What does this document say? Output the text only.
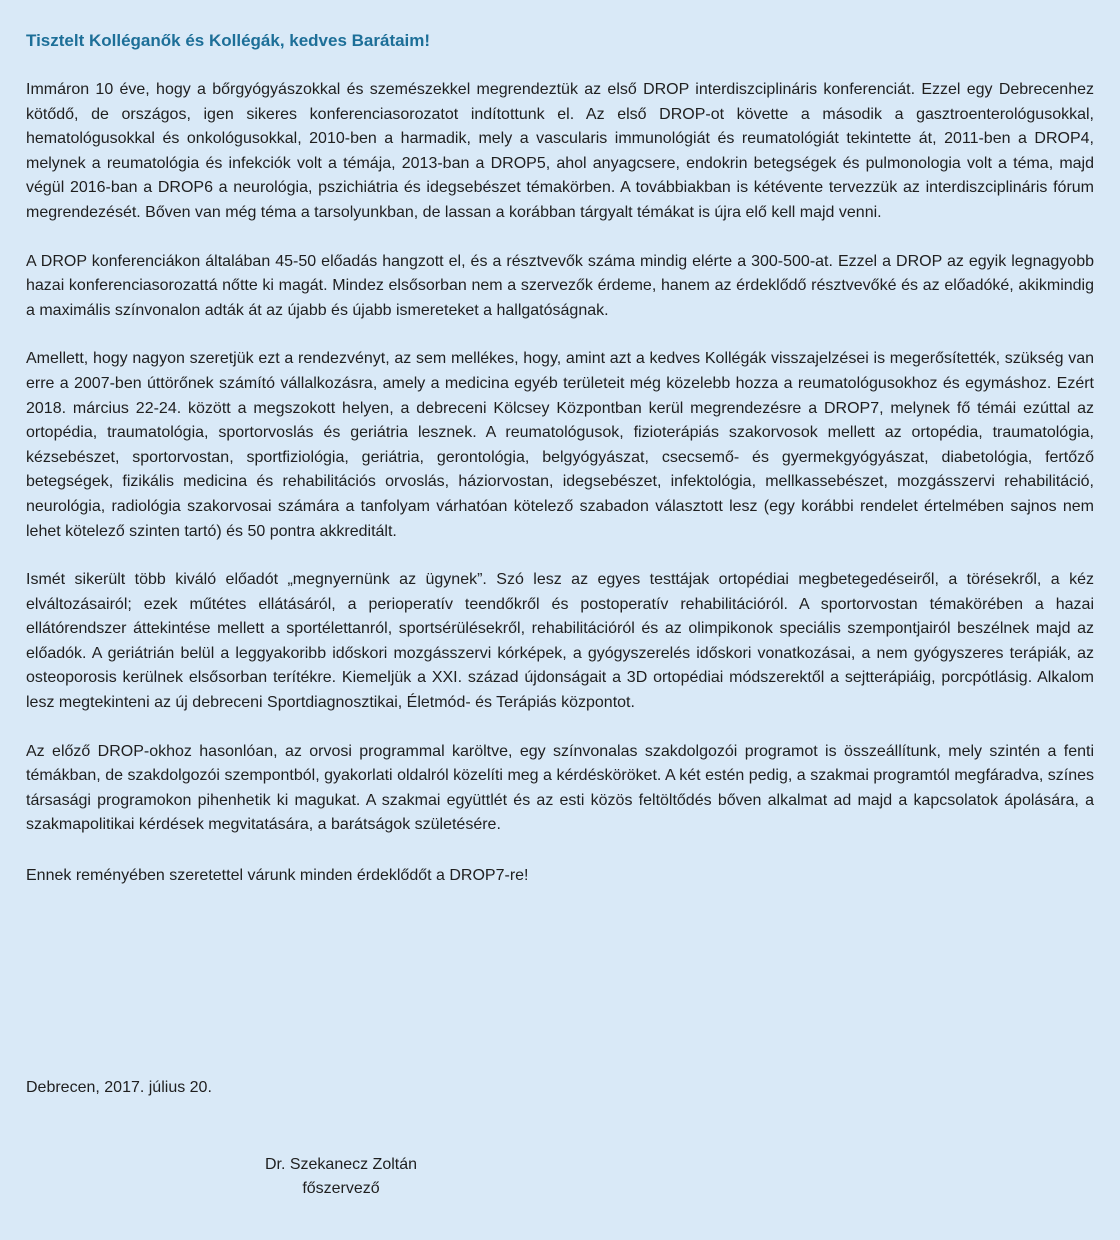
Tisztelt Kolléganők és Kollégák, kedves Barátaim!

Immáron 10 éve, hogy a bőrgyógyászokkal és szemészekkel megrendeztük az első DROP interdiszciplináris konferenciát. Ezzel egy Debrecenhez kötődő, de országos, igen sikeres konferenciasorozatot indítottunk el. Az első DROP-ot követte a második a gasztroenterológusokkal, hematológusokkal és onkológusokkal, 2010-ben a harmadik, mely a vascularis immunológiát és reumatológiát tekintette át, 2011-ben a DROP4, melynek a reumatológia és infekciók volt a témája, 2013-ban a DROP5, ahol anyagcsere, endokrin betegségek és pulmonologia volt a téma, majd végül 2016-ban a DROP6 a neurológia, pszichiátria és idegsebészet témakörben. A továbbiakban is kétévente tervezzük az interdiszciplináris fórum megrendezését. Bőven van még téma a tarsolyunkban, de lassan a korábban tárgyalt témákat is újra elő kell majd venni.

A DROP konferenciákon általában 45-50 előadás hangzott el, és a résztvevők száma mindig elérte a 300-500-at. Ezzel a DROP az egyik legnagyobb hazai konferenciasorozattá nőtte ki magát. Mindez elsősorban nem a szervezők érdeme, hanem az érdeklődő résztvevőké és az előadóké, akikmindig a maximális színvonalon adták át az újabb és újabb ismereteket a hallgatóságnak.

Amellett, hogy nagyon szeretjük ezt a rendezvényt, az sem mellékes, hogy, amint azt a kedves Kollégák visszajelzései is megerősítették, szükség van erre a 2007-ben úttörőnek számító vállalkozásra, amely a medicina egyéb területeit még közelebb hozza a reumatológusokhoz és egymáshoz. Ezért 2018. március 22-24. között a megszokott helyen, a debreceni Kölcsey Központban kerül megrendezésre a DROP7, melynek fő témái ezúttal az ortopédia, traumatológia, sportorvoslás és geriátria lesznek. A reumatológusok, fizioterápiás szakorvosok mellett az ortopédia, traumatológia, kézsebészet, sportorvostan, sportfiziológia, geriátria, gerontológia, belgyógyászat, csecsemő- és gyermekgyógyászat, diabetológia, fertőző betegségek, fizikális medicina és rehabilitációs orvoslás, háziorvostan, idegsebészet, infektológia, mellkassebészet, mozgásszervi rehabilitáció, neurológia, radiológia szakorvosai számára a tanfolyam várhatóan kötelező szabadon választott lesz (egy korábbi rendelet értelmében sajnos nem lehet kötelező szinten tartó) és 50 pontra akkreditált.

Ismét sikerült több kiváló előadót „megnyernünk az ügynek”. Szó lesz az egyes testtájak ortopédiai megbetegedéseiről, a törésekről, a kéz elváltozásairól; ezek műtétes ellátásáról, a perioperatív teendőkről és postoperatív rehabilitációról. A sportorvostan témakörében a hazai ellátórendszer áttekintése mellett a sportélettanról, sportsérülésekről, rehabilitációról és az olimpikonok speciális szempontjairól beszélnek majd az előadók. A geriátrián belül a leggyakoribb időskori mozgásszervi kórképek, a gyógyszerelés időskori vonatkozásai, a nem gyógyszeres terápiák, az osteoporosis kerülnek elsősorban terítékre. Kiemeljük a XXI. század újdonságait a 3D ortopédiai módszerektől a sejtterápiáig, porcpótlásig. Alkalom lesz megtekinteni az új debreceni Sportdiagnosztikai, Életmód- és Terápiás központot.

Az előző DROP-okhoz hasonlóan, az orvosi programmal karöltve, egy színvonalas szakdolgozói programot is összeállítunk, mely szintén a fenti témákban, de szakdolgozói szempontból, gyakorlati oldalról közelíti meg a kérdésköröket. A két estén pedig, a szakmai programtól megfáradva, színes társasági programokon pihenhetik ki magukat. A szakmai együttlét és az esti közös feltöltődés bőven alkalmat ad majd a kapcsolatok ápolására, a szakmapolitikai kérdések megvitatására, a barátságok születésére.

Ennek reményében szeretettel várunk minden érdeklődőt a DROP7-re!

Debrecen, 2017. július 20.

Dr. Szekanecz Zoltán
főszervező
